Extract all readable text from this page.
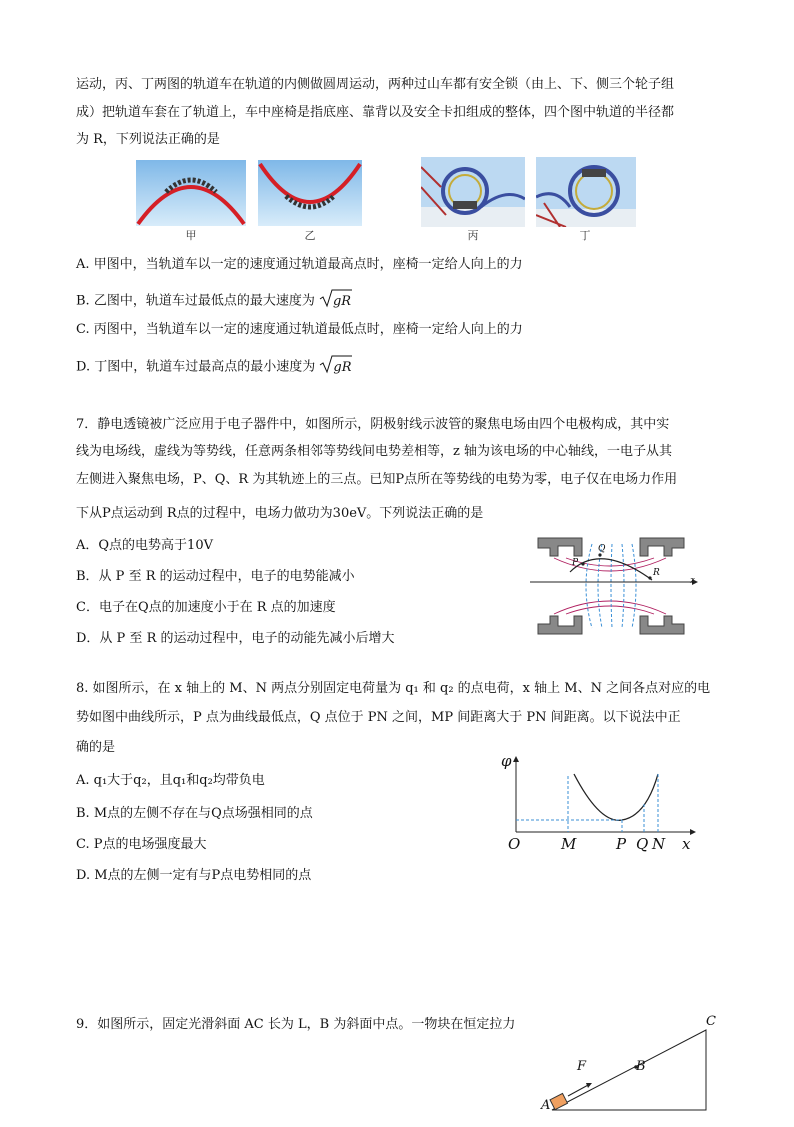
运动，丙、丁两图的轨道车在轨道的内侧做圆周运动，两种过山车都有安全锁（由上、下、侧三个轮子组
成）把轨道车套在了轨道上，车中座椅是指底座、靠背以及安全卡扣组成的整体，四个图中轨道的半径都
为 R，下列说法正确的是
甲	乙	丙	丁
A. 甲图中，当轨道车以一定的速度通过轨道最高点时，座椅一定给人向上的力
B. 乙图中，轨道车过最低点的最大速度为 gR
C. 丙图中，当轨道车以一定的速度通过轨道最低点时，座椅一定给人向上的力
D. 丁图中，轨道车过最高点的最小速度为 gR
7．静电透镜被广泛应用于电子器件中，如图所示，阴极射线示波管的聚焦电场由四个电极构成，其中实
线为电场线，虚线为等势线，任意两条相邻等势线间电势差相等，z 轴为该电场的中心轴线，一电子从其
左侧进入聚焦电场，P、Q、R 为其轨迹上的三点。已知P点所在等势线的电势为零，电子仅在电场力作用
下从P点运动到 R点的过程中，电场力做功为30eV。下列说法正确的是
A．Q点的电势高于10V
B．从 P 至 R 的运动过程中，电子的电势能减小
C．电子在Q点的加速度小于在 R 点的加速度
D．从 P 至 R 的运动过程中，电子的动能先减小后增大
P
Q
R
z
8. 如图所示，在 x 轴上的 M、N 两点分别固定电荷量为 q₁ 和 q₂ 的点电荷，x 轴上 M、N 之间各点对应的电
势如图中曲线所示，P 点为曲线最低点，Q 点位于 PN 之间，MP 间距离大于 PN 间距离。以下说法中正
确的是
A. q₁大于q₂，且q₁和q₂均带负电
B. M点的左侧不存在与Q点场强相同的点
C. P点的电场强度最大
D. M点的左侧一定有与P点电势相同的点
φ
O	M	P Q N x
9．如图所示，固定光滑斜面 AC 长为 L，B 为斜面中点。一物块在恒定拉力
A
B
C
F
